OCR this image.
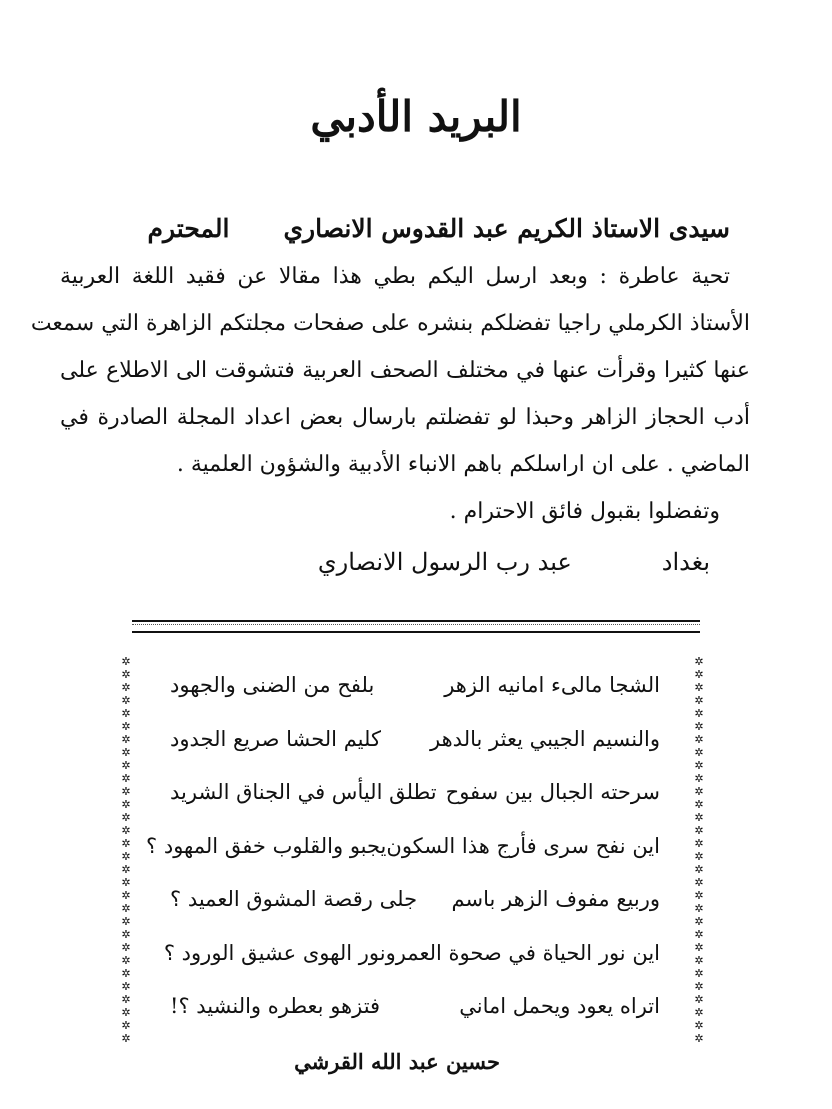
البريد الأدبي
سيدى الاستاذ الكريم عبد القدوس الانصاري
المحترم
تحية عاطرة : وبعد ارسل اليكم بطي هذا مقالا عن فقيد اللغة العربية
الأستاذ الكرملي راجيا تفضلكم بنشره على صفحات مجلتكم الزاهرة التي سمعت
عنها كثيرا وقرأت عنها في مختلف الصحف العربية فتشوقت الى الاطلاع على
أدب الحجاز الزاهر وحبذا لو تفضلتم بارسال بعض اعداد المجلة الصادرة في
الماضي . على ان اراسلكم باهم الانباء الأدبية والشؤون العلمية .
وتفضلوا بقبول فائق الاحترام .
بغداد
عبد رب الرسول الانصاري
✲
✲
✲
✲
✲
✲
✲
✲
✲
✲
✲
✲
✲
✲
✲
✲
✲
✲
✲
✲
✲
✲
✲
✲
✲
✲
✲
✲
✲
✲
✲
✲
✲
✲
✲
✲
✲
✲
✲
✲
✲
✲
✲
✲
✲
✲
✲
✲
✲
✲
✲
✲
✲
✲
✲
✲
✲
✲
✲
✲
الشجا مالىء امانيه الزهر
بلفح من الضنى والجهود
والنسيم الجيبي يعثر بالدهر
كليم الحشا صريع الجدود
سرحته الجبال بين سفوح
تطلق اليأس في الجناق الشريد
اين نفح سرى فأرج هذا السكون
يجبو والقلوب خفق المهود ؟
وربيع مفوف الزهر باسم
جلى رقصة المشوق العميد ؟
اين نور الحياة في صحوة العمر
ونور الهوى عشيق الورود ؟
اتراه يعود ويحمل اماني
فتزهو بعطره والنشيد ؟!
حسين عبد الله القرشي
